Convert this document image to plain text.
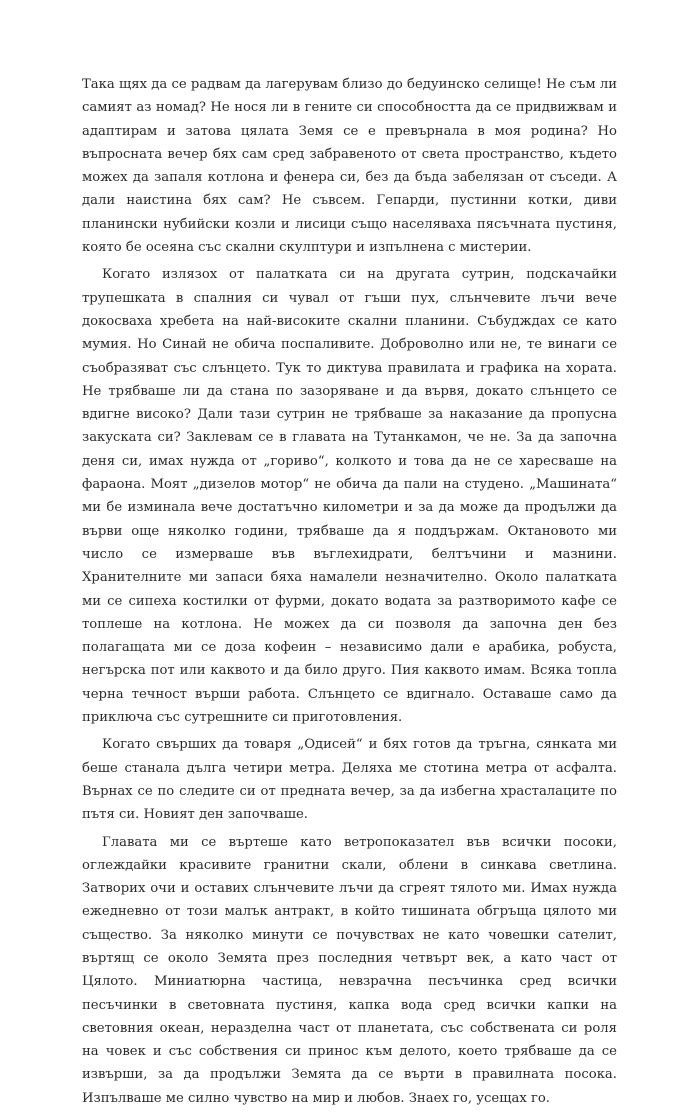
Така щях да се радвам да лагерувам близо до бедуинско селище! Не съм ли самият аз номад? Не нося ли в гените си способността да се придвижвам и адаптирам и затова цялата Земя се е превърнала в моя родина? Но въпросната вечер бях сам сред забравеното от света пространство, където можех да запаля котлона и фенера си, без да бъда забелязан от съседи. А дали наистина бях сам? Не съвсем. Гепарди, пустинни котки, диви планински нубийски козли и лисици също населяваха пясъчната пустиня, която бе осеяна със скални скулптури и изпълнена с мистерии.

Когато излязох от палатката си на другата сутрин, подскачайки трупешката в спалния си чувал от гъши пух, слънчевите лъчи вече докосваха хребета на най-високите скални планини. Събудждах се като мумия. Но Синай не обича поспаливите. Доброволно или не, те винаги се съобразяват със слънцето. Тук то диктува правилата и графика на хората. Не трябваше ли да стана по зазоряване и да вървя, докато слънцето се вдигне високо? Дали тази сутрин не трябваше за наказание да пропусна закуската си? Заклевам се в главата на Тутанкамон, че не. За да започна деня си, имах нужда от „гориво“, колкото и това да не се харесваше на фараона. Моят „дизелов мотор“ не обича да пали на студено. „Машината“ ми бе изминала вече достатъчно километри и за да може да продължи да върви още няколко години, трябваше да я поддържам. Октановото ми число се измерваше във въглехидрати, белтъчини и мазнини. Хранителните ми запаси бяха намалели незначително. Около палатката ми се сипеха костилки от фурми, докато водата за разтворимото кафе се топлеше на котлона. Не можех да си позволя да започна ден без полагащата ми се доза кофеин – независимо дали е арабика, робуста, негърска пот или каквото и да било друго. Пия каквото имам. Всяка топла черна течност върши работа. Слънцето се вдигнало. Оставаше само да приключа със сутрешните си приготовления.

Когато свърших да товаря „Одисей“ и бях готов да тръгна, сянката ми беше станала дълга четири метра. Деляха ме стотина метра от асфалта. Върнах се по следите си от предната вечер, за да избегна храсталаците по пътя си. Новият ден започваше.

Главата ми се въртеше като ветропоказател във всички посоки, оглеждайки красивите гранитни скали, облени в синкава светлина. Затворих очи и оставих слънчевите лъчи да сгреят тялото ми. Имах нужда ежедневно от този малък антракт, в който тишината обгръща цялото ми същество. За няколко минути се почувствах не като човешки сателит, въртящ се около Земята през последния четвърт век, а като част от Цялото. Миниатюрна частица, невзрачна песъчинка сред всички песъчинки в световната пустиня, капка вода сред всички капки на световния океан, неразделна част от планетата, със собствената си роля на човек и със собствения си принос към делото, което трябваше да се извърши, за да продължи Земята да се върти в правилната посока. Изпълваше ме силно чувство на мир и любов. Знаех го, усещах го.
